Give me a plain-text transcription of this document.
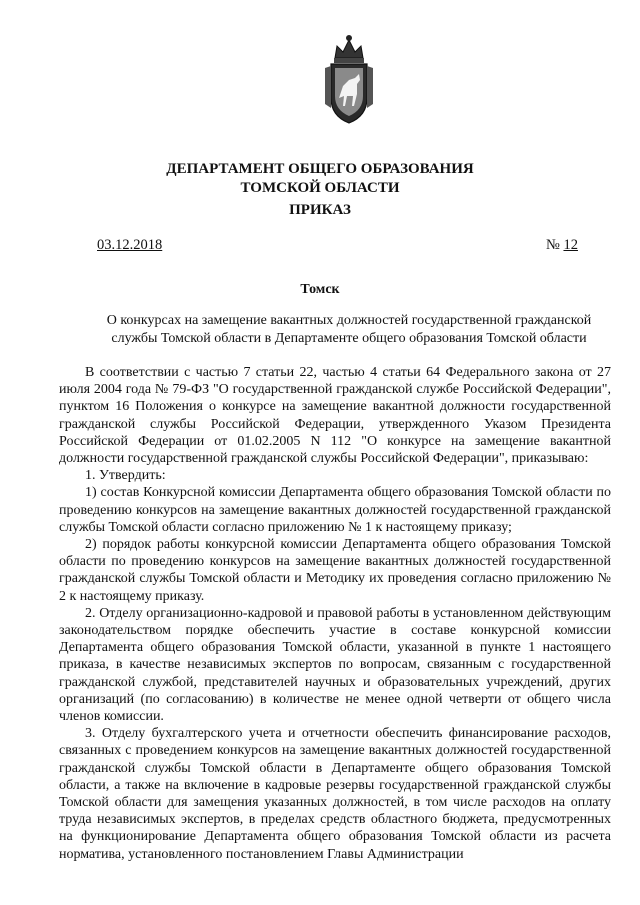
ДЕПАРТАМЕНТ ОБЩЕГО ОБРАЗОВАНИЯ
ТОМСКОЙ ОБЛАСТИ
ПРИКАЗ
03.12.2018	№ 12
Томск
О конкурсах на замещение вакантных должностей государственной гражданской
службы Томской области в Департаменте общего образования Томской области

В соответствии с частью 7 статьи 22, частью 4 статьи 64 Федерального закона от 27 июля 2004 года № 79-ФЗ "О государственной гражданской службе Российской Федерации", пунктом 16 Положения о конкурсе на замещение вакантной должности государственной гражданской службы Российской Федерации, утвержденного Указом Президента Российской Федерации от 01.02.2005 N 112 "О конкурсе на замещение вакантной должности государственной гражданской службы Российской Федерации", приказываю:

1. Утвердить:

1) состав Конкурсной комиссии Департамента общего образования Томской области по проведению конкурсов на замещение вакантных должностей государственной гражданской службы Томской области согласно приложению № 1 к настоящему приказу;

2) порядок работы конкурсной комиссии Департамента общего образования Томской области по проведению конкурсов на замещение вакантных должностей государственной гражданской службы Томской области и Методику их проведения согласно приложению № 2 к настоящему приказу.

2. Отделу организационно-кадровой и правовой работы в установленном действующим законодательством порядке обеспечить участие в составе конкурсной комиссии Департамента общего образования Томской области, указанной в пункте 1 настоящего приказа, в качестве независимых экспертов по вопросам, связанным с государственной гражданской службой, представителей научных и образовательных учреждений, других организаций (по согласованию) в количестве не менее одной четверти от общего числа членов комиссии.

3. Отделу бухгалтерского учета и отчетности обеспечить финансирование расходов, связанных с проведением конкурсов на замещение вакантных должностей государственной гражданской службы Томской области в Департаменте общего образования Томской области, а также на включение в кадровые резервы государственной гражданской службы Томской области для замещения указанных должностей, в том числе расходов на оплату труда независимых экспертов, в пределах средств областного бюджета, предусмотренных на функционирование Департамента общего образования Томской области из расчета норматива, установленного постановлением Главы Администрации
